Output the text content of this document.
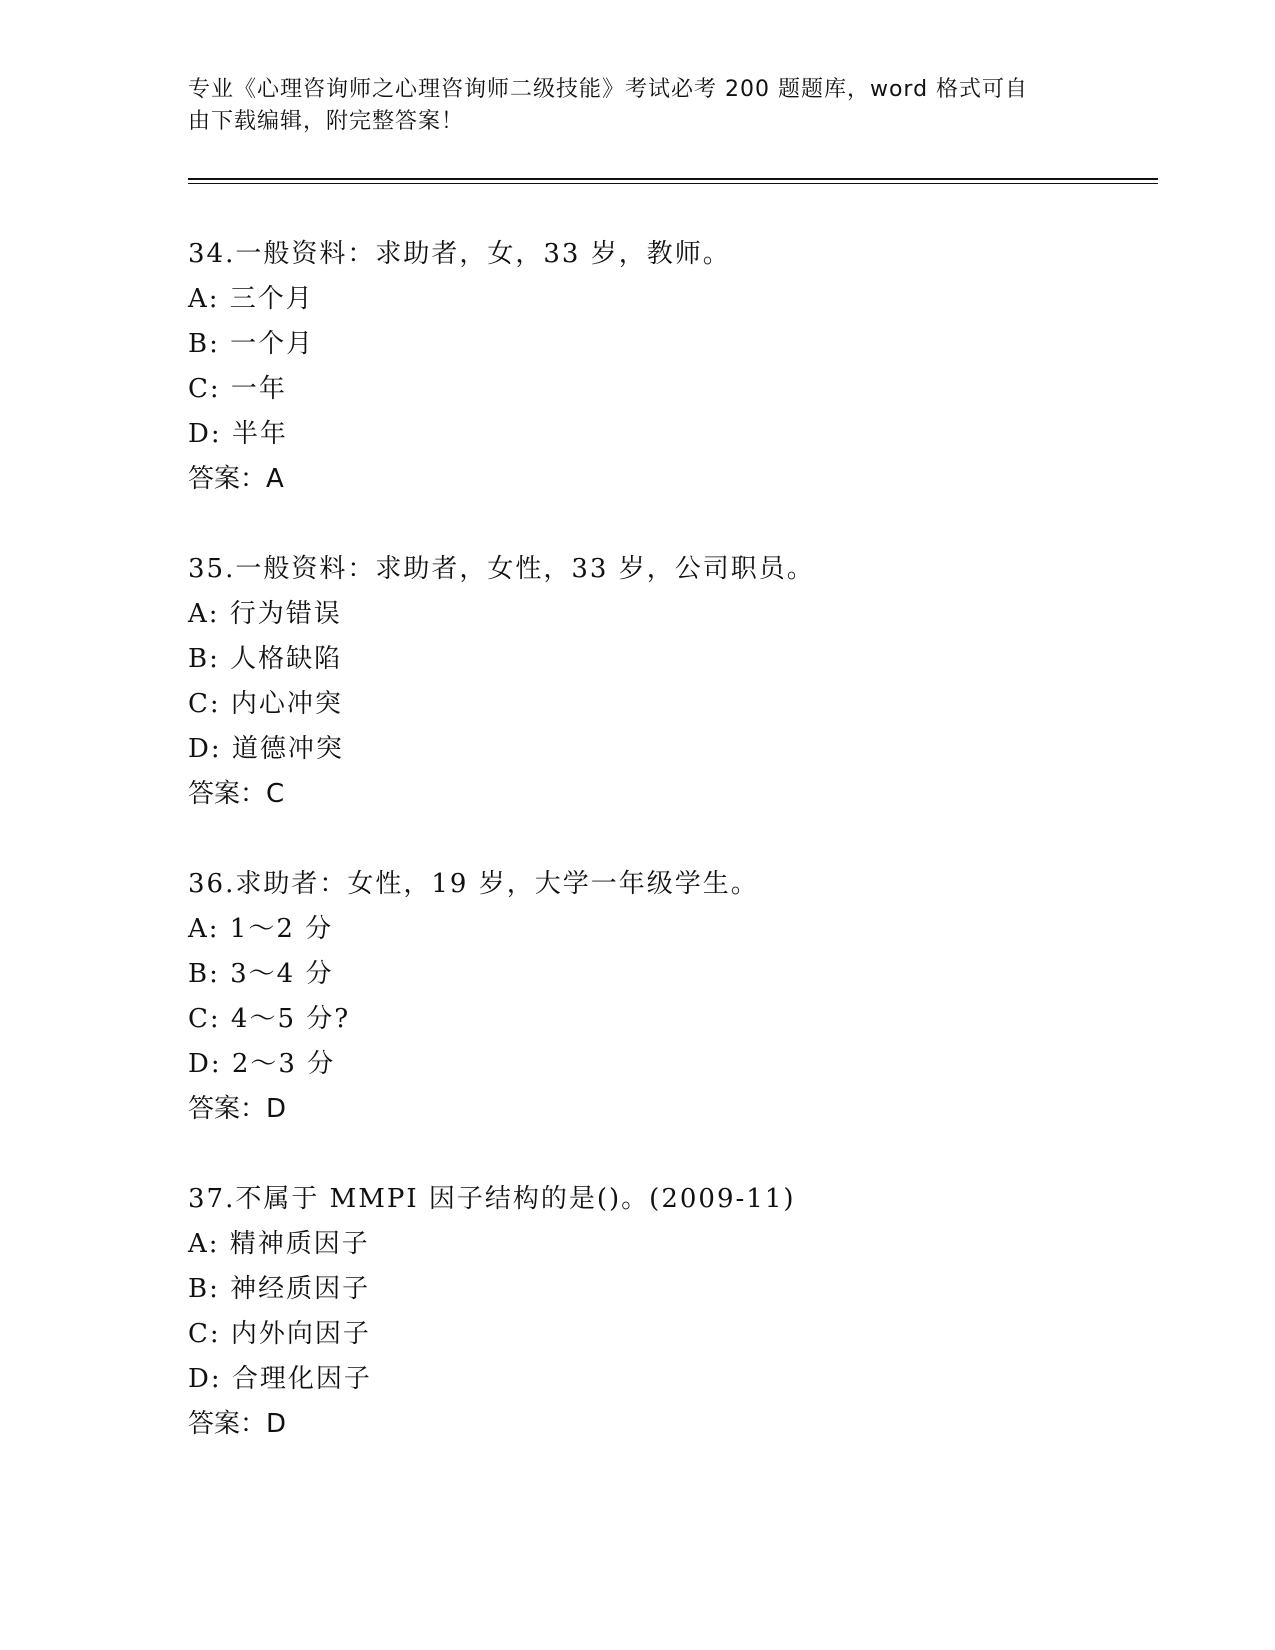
专业《心理咨询师之心理咨询师二级技能》考试必考 200 题题库，word 格式可自
由下载编辑，附完整答案！
34.一般资料：求助者，女，33 岁，教师。
A: 三个月
B: 一个月
C: 一年
D: 半年
答案：A
35.一般资料：求助者，女性，33 岁，公司职员。
A: 行为错误
B: 人格缺陷
C: 内心冲突
D: 道德冲突
答案：C
36.求助者：女性，19 岁，大学一年级学生。
A: 1～2 分
B: 3～4 分
C: 4～5 分?
D: 2～3 分
答案：D
37.不属于 MMPI 因子结构的是()。(2009-11)
A: 精神质因子
B: 神经质因子
C: 内外向因子
D: 合理化因子
答案：D
